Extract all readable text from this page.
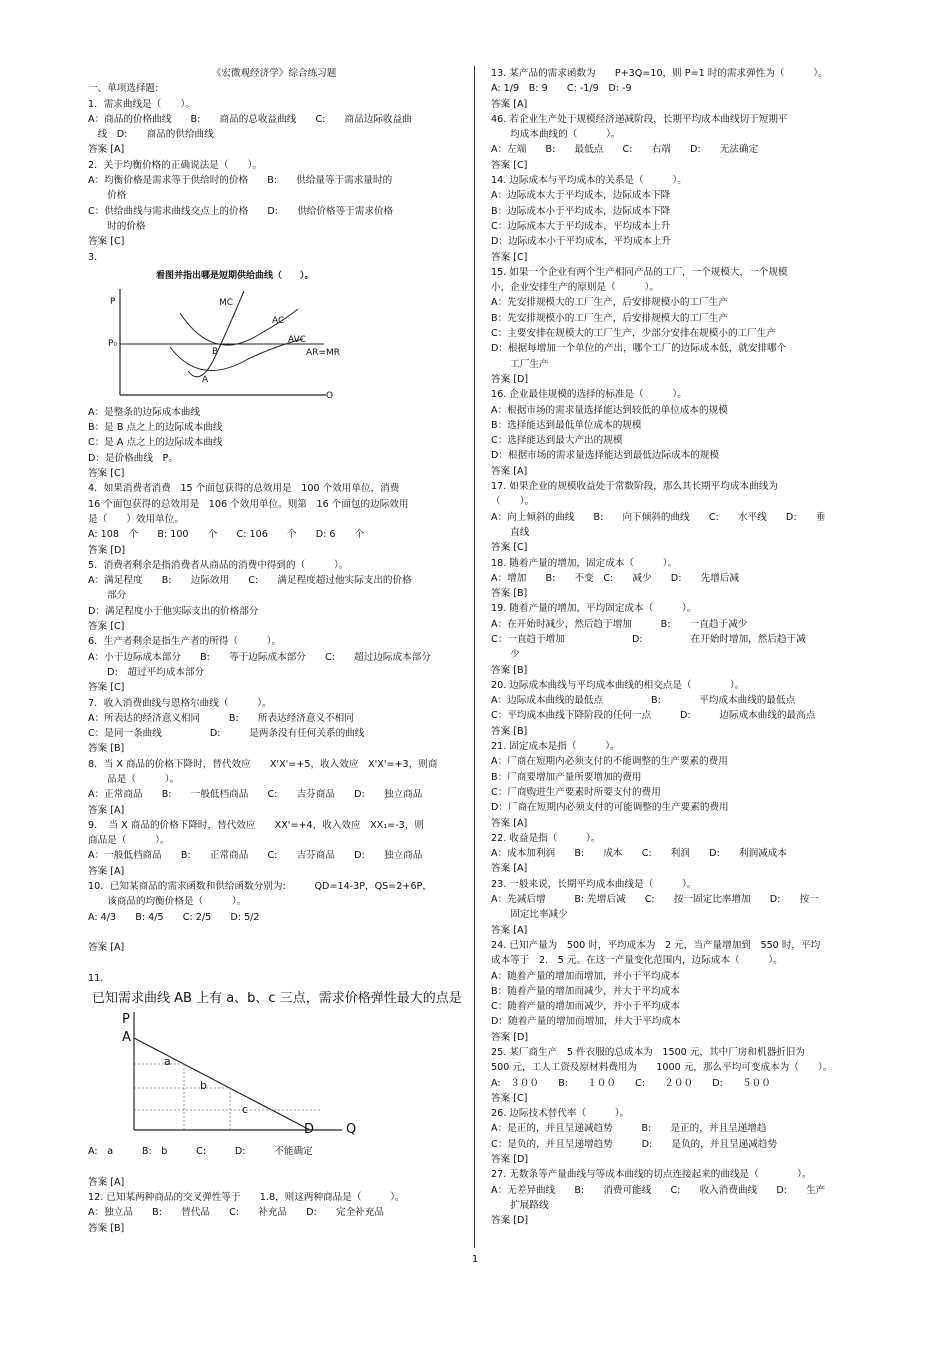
《宏微观经济学》综合练习题
一、单项选择题:
1．需求曲线是（　　）。
A：商品的价格曲线　　B:　　商品的总收益曲线　　C:　　商品边际收益曲
　线　D:　　商品的供给曲线
答案 [A]
2．关于均衡价格的正确说法是（　　）。
A：均衡价格是需求等于供给时的价格　　B:　　供给量等于需求量时的
　　价格
C：供给曲线与需求曲线交点上的价格　　D:　　供给价格等于需求价格
　　时的价格
答案 [C]
3.
看图并指出哪是短期供给曲线（　　）。
P
P₀
O
MC
AC
AVC
AR=MR
B
A
A：是整条的边际成本曲线
B：是 B 点之上的边际成本曲线
C：是 A 点之上的边际成本曲线
D：是价格曲线　P。
答案 [C]
4．如果消费者消费　15 个面包获得的总效用是　100 个效用单位，消费
16 个面包获得的总效用是　106 个效用单位。则第　16 个面包的边际效用
是（　　）效用单位。
A: 108　个　　B: 100　　个　　C: 106　　个　　D: 6　　个
答案 [D]
5．消费者剩余是指消费者从商品的消费中得到的（　　　）。
A：满足程度　　B:　　边际效用　　C:　　满足程度超过他实际支出的价格
　　部分
D：满足程度小于他实际支出的价格部分
答案 [C]
6．生产者剩余是指生产者的所得（　　　）。
A：小于边际成本部分　　B:　　等于边际成本部分　　C:　　超过边际成本部分
　　D:　超过平均成本部分
答案 [C]
7．收入消费曲线与恩格尔曲线（　　　）。
A：所表达的经济意义相同　　　B:　　所表达经济意义不相同
C：是同一条曲线　　　　　D:　　　是两条没有任何关系的曲线
答案 [B]
8．当 X 商品的价格下降时，替代效应　　X'X'=+5，收入效应　X'X'=+3，则商
　　品是（　　　）。
A：正常商品　　B:　　一般低档商品　　C:　　吉芬商品　　D:　　独立商品
答案 [A]
9．　当 X 商品的价格下降时，替代效应　　XX'=+4，收入效应　XX₁=-3，则
商品是（　　　）。
A：一般低档商品　　B:　　正常商品　　C:　　吉芬商品　　D:　　独立商品
答案 [A]
10．已知某商品的需求函数和供给函数分别为:　　　QD=14-3P，QS=2+6P，
　　该商品的均衡价格是（　　　）。
A: 4/3　　B: 4/5　　C: 2/5　　D: 5/2

答案 [A]

11.
已知需求曲线 AB 上有 a、b、c 三点，需求价格弹性最大的点是
P
A
a
b
c
D Q
A:　a　　　B:　b　　　C:　　　D:　　　不能确定

答案 [A]
12. 已知某两种商品的交叉弹性等于　　1.8，则这两种商品是（　　　）。
A：独立品　　B:　　替代品　　C:　　补充品　　D:　　完全补充品
答案 [B]
13. 某产品的需求函数为　　P+3Q=10，则 P=1 时的需求弹性为（　　　）。
A: 1/9　B: 9　　C: -1/9　D: -9
答案 [A]
46. 若企业生产处于规模经济递减阶段，长期平均成本曲线切于短期平
　　均成本曲线的（　　　）。
A：左端　　B:　　最低点　　C:　　右端　　D:　　无法确定
答案 [C]
14. 边际成本与平均成本的关系是（　　　）。
A：边际成本大于平均成本，边际成本下降
B：边际成本小于平均成本，边际成本下降
C：边际成本大于平均成本，平均成本上升
D：边际成本小于平均成本，平均成本上升
答案 [C]
15. 如果一个企业有两个生产相同产品的工厂，一个规模大，一个规模
小，企业安排生产的原则是（　　　）。
A：先安排规模大的工厂生产，后安排规模小的工厂生产
B：先安排规模小的工厂生产，后安排规模大的工厂生产
C：主要安排在规模大的工厂生产，少部分安排在规模小的工厂生产
D：根据每增加一个单位的产出，哪个工厂的边际成本低，就安排哪个
　　工厂生产
答案 [D]
16. 企业最佳规模的选择的标准是（　　　）。
A：根据市场的需求量选择能达到较低的单位成本的规模
B：选择能达到最低单位成本的规模
C：选择能达到最大产出的规模
D：根据市场的需求量选择能达到最低边际成本的规模
答案 [A]
17. 如果企业的规模收益处于常数阶段，那么其长期平均成本曲线为
（　　）。
A：向上倾斜的曲线　　B:　　向下倾斜的曲线　　C:　　水平线　　D:　　垂
　　直线
答案 [C]
18. 随着产量的增加，固定成本（　　　）。
A：增加　　B:　　不变　C:　　减少　　D:　　先增后减
答案 [B]
19. 随着产量的增加，平均固定成本（　　　）。
A：在开始时减少，然后趋于增加　　　B:　　一直趋于减少
C：一直趋于增加　　　　　　　D:　　　　　在开始时增加，然后趋于减
　　少
答案 [B]
20. 边际成本曲线与平均成本曲线的相交点是（　　　　）。
A：边际成本曲线的最低点　　　　　B:　　　　平均成本曲线的最低点
C：平均成本曲线下降阶段的任何一点　　　D:　　　边际成本曲线的最高点
答案 [B]
21. 固定成本是指（　　　）。
A：厂商在短期内必须支付的不能调整的生产要素的费用
B：厂商要增加产量所要增加的费用
C：厂商购进生产要素时所要支付的费用
D：厂商在短期内必须支付的可能调整的生产要素的费用
答案 [A]
22. 收益是指（　　　）。
A：成本加利润　　B:　　成本　　C:　　利润　　D:　　利润减成本
答案 [A]
23. 一般来说，长期平均成本曲线是（　　　）。
A：先减后增　　　B: 先增后减　　C:　　按一固定比率增加　　D:　　按一
　　固定比率减少
答案 [A]
24. 已知产量为　500 时，平均成本为　2 元，当产量增加到　550 时，平均
成本等于　2.　5 元。在这一产量变化范围内，边际成本（　　　）。
A：随着产量的增加而增加，并小于平均成本
B：随着产量的增加而减少，并大于平均成本
C：随着产量的增加而减少，并小于平均成本
D：随着产量的增加而增加，并大于平均成本
答案 [D]
25. 某厂商生产　5 件衣服的总成本为　1500 元，其中厂房和机器折旧为
500 元，工人工资及原材料费用为　　1000 元，那么平均可变成本为（　　）。
A:　３００　　B:　　１００　　C:　　２００　　D:　　５００
答案 [C]
26. 边际技术替代率（　　　）。
A：是正的，并且呈递减趋势　　　B:　　是正的，并且呈递增趋
C：是负的，并且呈递增趋势　　　D:　　是负的，并且呈递减趋势
答案 [D]
27. 无数条等产量曲线与等成本曲线的切点连接起来的曲线是（　　　　）。
A：无差异曲线　　B:　　消费可能线　　C:　　收入消费曲线　　D:　　生产
　　扩展路线
答案 [D]
1
